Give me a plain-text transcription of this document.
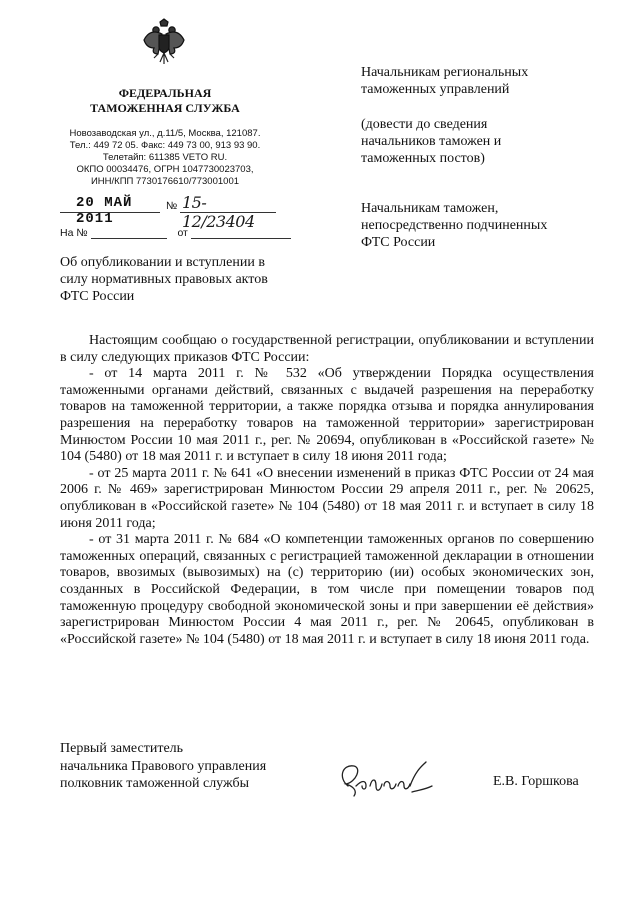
ФЕДЕРАЛЬНАЯ
ТАМОЖЕННАЯ СЛУЖБА
Новозаводская ул., д.11/5, Москва, 121087.
Тел.: 449 72 05. Факс: 449 73 00, 913 93 90.
Телетайп: 611385 VETO RU.
ОКПО 00034476, ОГРН 1047730023703,
ИНН/КПП 7730176610/773001001
20 МАЙ 2011
№ 15-12/23404
На №	от
Начальникам региональных
таможенных управлений
(довести до сведения
начальников таможен и
таможенных постов)
Начальникам таможен,
непосредственно подчиненных
ФТС России
Об опубликовании и вступлении в
силу нормативных правовых актов
ФТС России

Настоящим сообщаю о государственной регистрации, опубликовании и вступлении в силу следующих приказов ФТС России:

- от 14 марта 2011 г. № 532 «Об утверждении Порядка осуществления таможенными органами действий, связанных с выдачей разрешения на переработку товаров на таможенной территории, а также порядка отзыва и порядка аннулирования разрешения на переработку товаров на таможенной территории» зарегистрирован Минюстом России 10 мая 2011 г., рег. № 20694, опубликован в «Российской газете» № 104 (5480) от 18 мая 2011 г. и вступает в силу 18 июня 2011 года;

- от 25 марта 2011 г. № 641 «О внесении изменений в приказ ФТС России от 24 мая 2006 г. № 469» зарегистрирован Минюстом России 29 апреля 2011 г., рег. № 20625, опубликован в «Российской газете» № 104 (5480) от 18 мая 2011 г. и вступает в силу 18 июня 2011 года;

- от 31 марта 2011 г. № 684 «О компетенции таможенных органов по совершению таможенных операций, связанных с регистрацией таможенной декларации в отношении товаров, ввозимых (вывозимых) на (с) территорию (ии) особых экономических зон, созданных в Российской Федерации, в том числе при помещении товаров под таможенную процедуру свободной экономической зоны и при завершении её действия» зарегистрирован Минюстом России 4 мая 2011 г., рег. № 20645, опубликован в «Российской газете» № 104 (5480) от 18 мая 2011 г. и вступает в силу 18 июня 2011 года.

Первый заместитель
начальника Правового управления
полковник таможенной службы	Е.В. Горшкова
